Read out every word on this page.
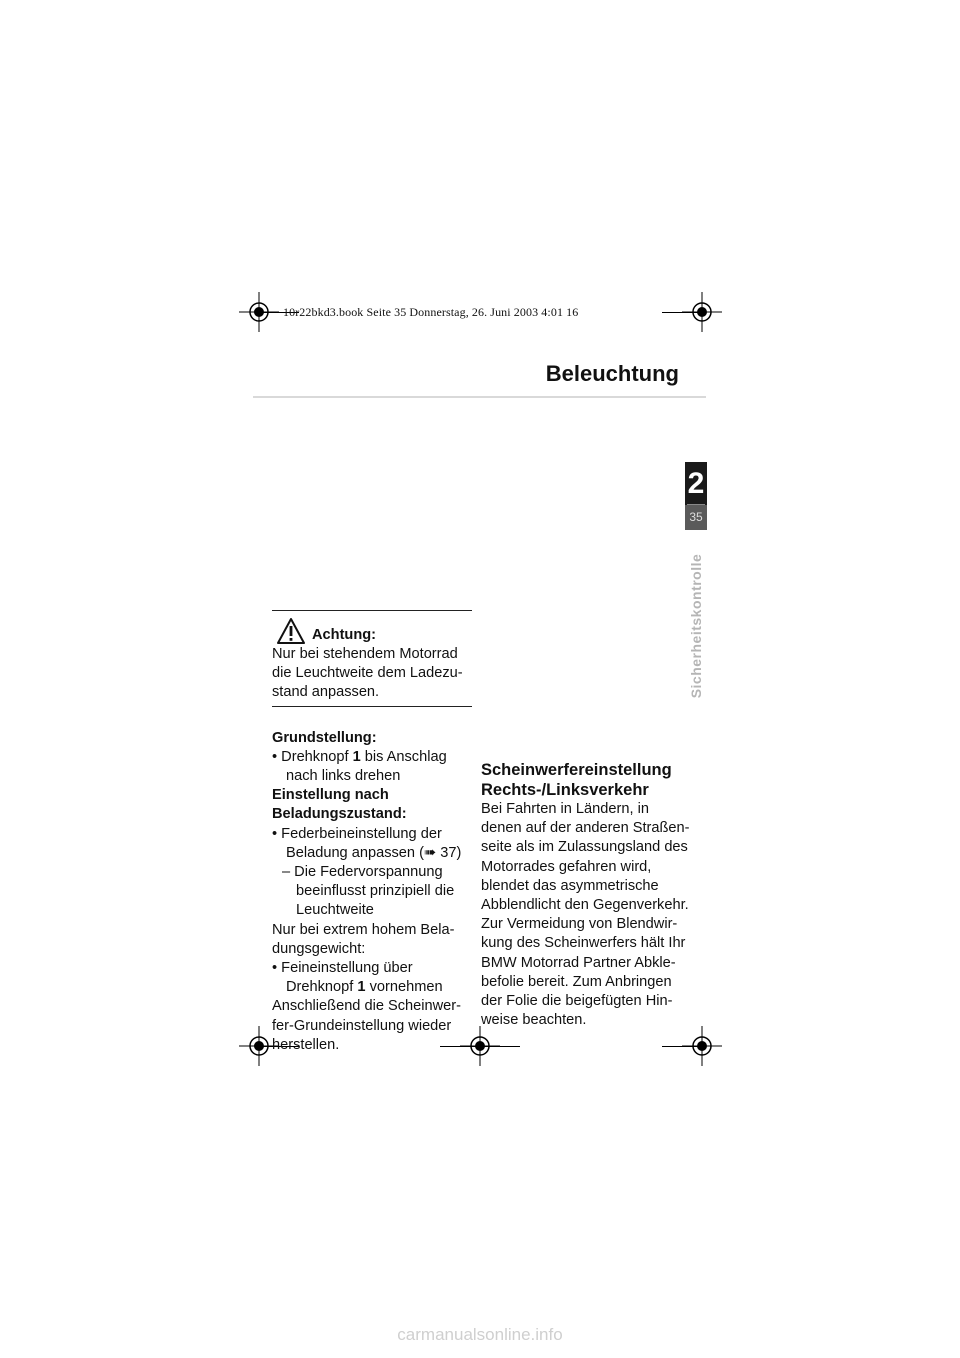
10r22bkd3.book Seite 35 Donnerstag, 26. Juni 2003 4:01 16
Beleuchtung
2
35
Sicherheitskontrolle
Achtung:

Nur bei stehendem Motorrad

die Leuchtweite dem Ladezu-

stand anpassen.

Grundstellung:

• Drehknopf 1 bis Anschlag nach links drehen

Einstellung nach

Beladungszustand:

• Federbeineinstellung der Beladung anpassen (➠ 37)

– Die Federvorspannung beeinflusst prinzipiell die Leuchtweite

Nur bei extrem hohem Bela-

dungsgewicht:

• Feineinstellung über Drehknopf 1 vornehmen

Anschließend die Scheinwer-

fer-Grundeinstellung wieder

herstellen.

Scheinwerfereinstellung

Rechts-/Linksverkehr

Bei Fahrten in Ländern, in

denen auf der anderen Straßen-

seite als im Zulassungsland des

Motorrades gefahren wird,

blendet das asymmetrische

Abblendlicht den Gegenverkehr.

Zur Vermeidung von Blendwir-

kung des Scheinwerfers hält Ihr

BMW Motorrad Partner Abkle-

befolie bereit. Zum Anbringen

der Folie die beigefügten Hin-

weise beachten.

carmanualsonline.info
